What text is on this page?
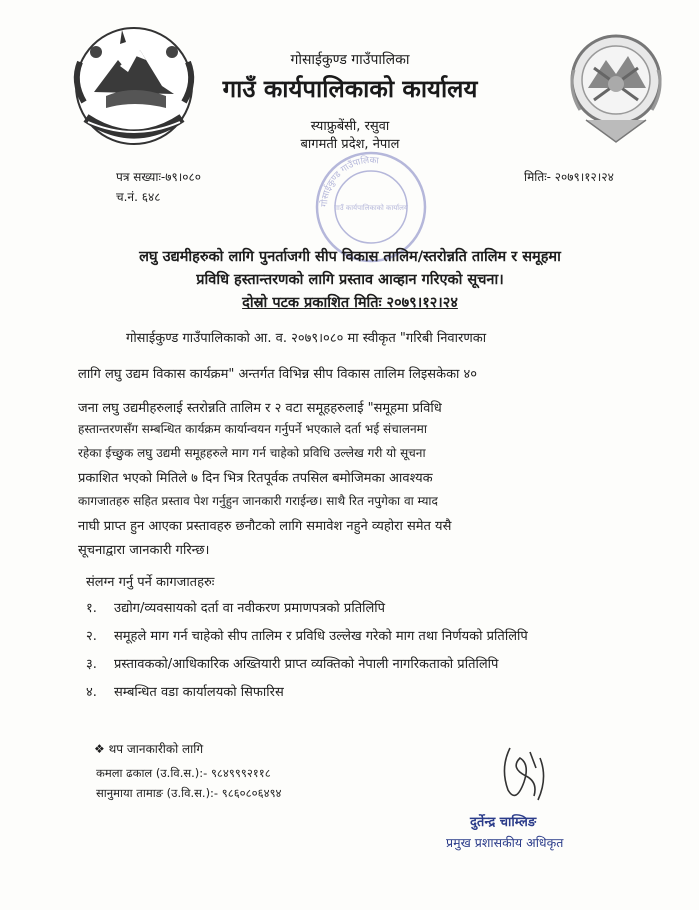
गोसाईकुण्ड गाउँपालिका
गाउँ कार्यपालिकाको कार्यालय
स्याफ्रुबेंसी, रसुवा
बागमती प्रदेश, नेपाल
गोसाईकुण्ड गाउँपालिका
गाउँ कार्यपालिकाको कार्यालय
पत्र सख्याः-७९।०८०
च.नं. ६४८
मितिः- २०७९।१२।२४
लघु उद्यमीहरुको लागि पुनर्ताजगी सीप विकास तालिम/स्तरोन्नति तालिम र समूहमा
प्रविधि हस्तान्तरणको लागि प्रस्ताव आव्हान गरिएको सूचना।
दोस्रो पटक प्रकाशित मितिः २०७९।१२।२४
गोसाईकुण्ड गाउँपालिकाको आ. व. २०७९।०८० मा स्वीकृत "गरिबी निवारणका
लागि लघु उद्यम विकास कार्यक्रम" अन्तर्गत विभिन्न सीप विकास तालिम लिइसकेका ४०
जना लघु उद्यमीहरुलाई स्तरोन्नति तालिम र २ वटा समूहहरुलाई "समूहमा प्रविधि
हस्तान्तरणसँग सम्बन्धित कार्यक्रम कार्यान्वयन गर्नुपर्ने भएकाले दर्ता भई संचालनमा
रहेका ईच्छुक लघु उद्यमी समूहहरुले माग गर्न चाहेको प्रविधि उल्लेख गरी यो सूचना
प्रकाशित भएको मितिले ७ दिन भित्र रितपूर्वक तपसिल बमोजिमका आवश्यक
कागजातहरु सहित प्रस्ताव पेश गर्नुहुन जानकारी गराईन्छ। साथै रित नपुगेका वा म्याद
नाघी प्राप्त हुन आएका प्रस्तावहरु छनौटको लागि समावेश नहुने व्यहोरा समेत यसै
सूचनाद्वारा जानकारी गरिन्छ।
संलग्न गर्नु पर्ने कागजातहरुः
१.	उद्योग/व्यवसायको दर्ता वा नवीकरण प्रमाणपत्रको प्रतिलिपि
२.	समूहले माग गर्न चाहेको सीप तालिम र प्रविधि उल्लेख गरेको माग तथा निर्णयको प्रतिलिपि
३.	प्रस्तावकको/आधिकारिक अख्तियारी प्राप्त व्यक्तिको नेपाली नागरिकताको प्रतिलिपि
४.	सम्बन्धित वडा कार्यालयको सिफारिस
❖ थप जानकारीको लागि
कमला ढकाल (उ.वि.स.):- ९८४९९९२११८
सानुमाया तामाङ (उ.वि.स.):- ९८६०८०६४९४
दुर्तेन्द्र चाम्लिङ
प्रमुख प्रशासकीय अधिकृत
